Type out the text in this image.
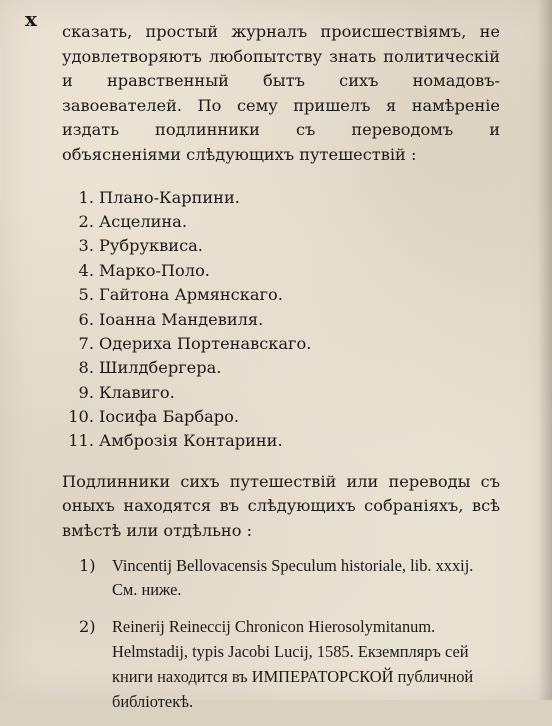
x

сказать, простый журналъ происшествіямъ, не удовлетворяютъ любопытству знать политическій и нравственный бытъ сихъ номадовъ-завоевателей. По сему пришелъ я намѣреніе издать подлинники съ переводомъ и объясненіями слѣдующихъ путешествій :

1. Плано-Карпини.
2. Асцелина.
3. Рубруквиса.
4. Марко-Поло.
5. Гайтона Армянскаго.
6. Іоанна Мандевиля.
7. Одериха Портенавскаго.
8. Шилдбергера.
9. Клавиго.
10. Іосифа Барбаро.
11. Амброзія Контарини.

Подлинники сихъ путешествій или переводы съ оныхъ находятся въ слѣдующихъ собраніяхъ, всѣ вмѣстѣ или отдѣльно :

1) Vincentij Bellovacensis Speculum historiale, lib. xxxij. См. ниже.
2) Reinerij Reineccij Chronicon Hierosolymitanum. Helmstadij, typis Jacobi Lucij, 1585. Екземпляръ сей книги находится въ ИМПЕРАТОРСКОЙ публичной библіотекѣ.
